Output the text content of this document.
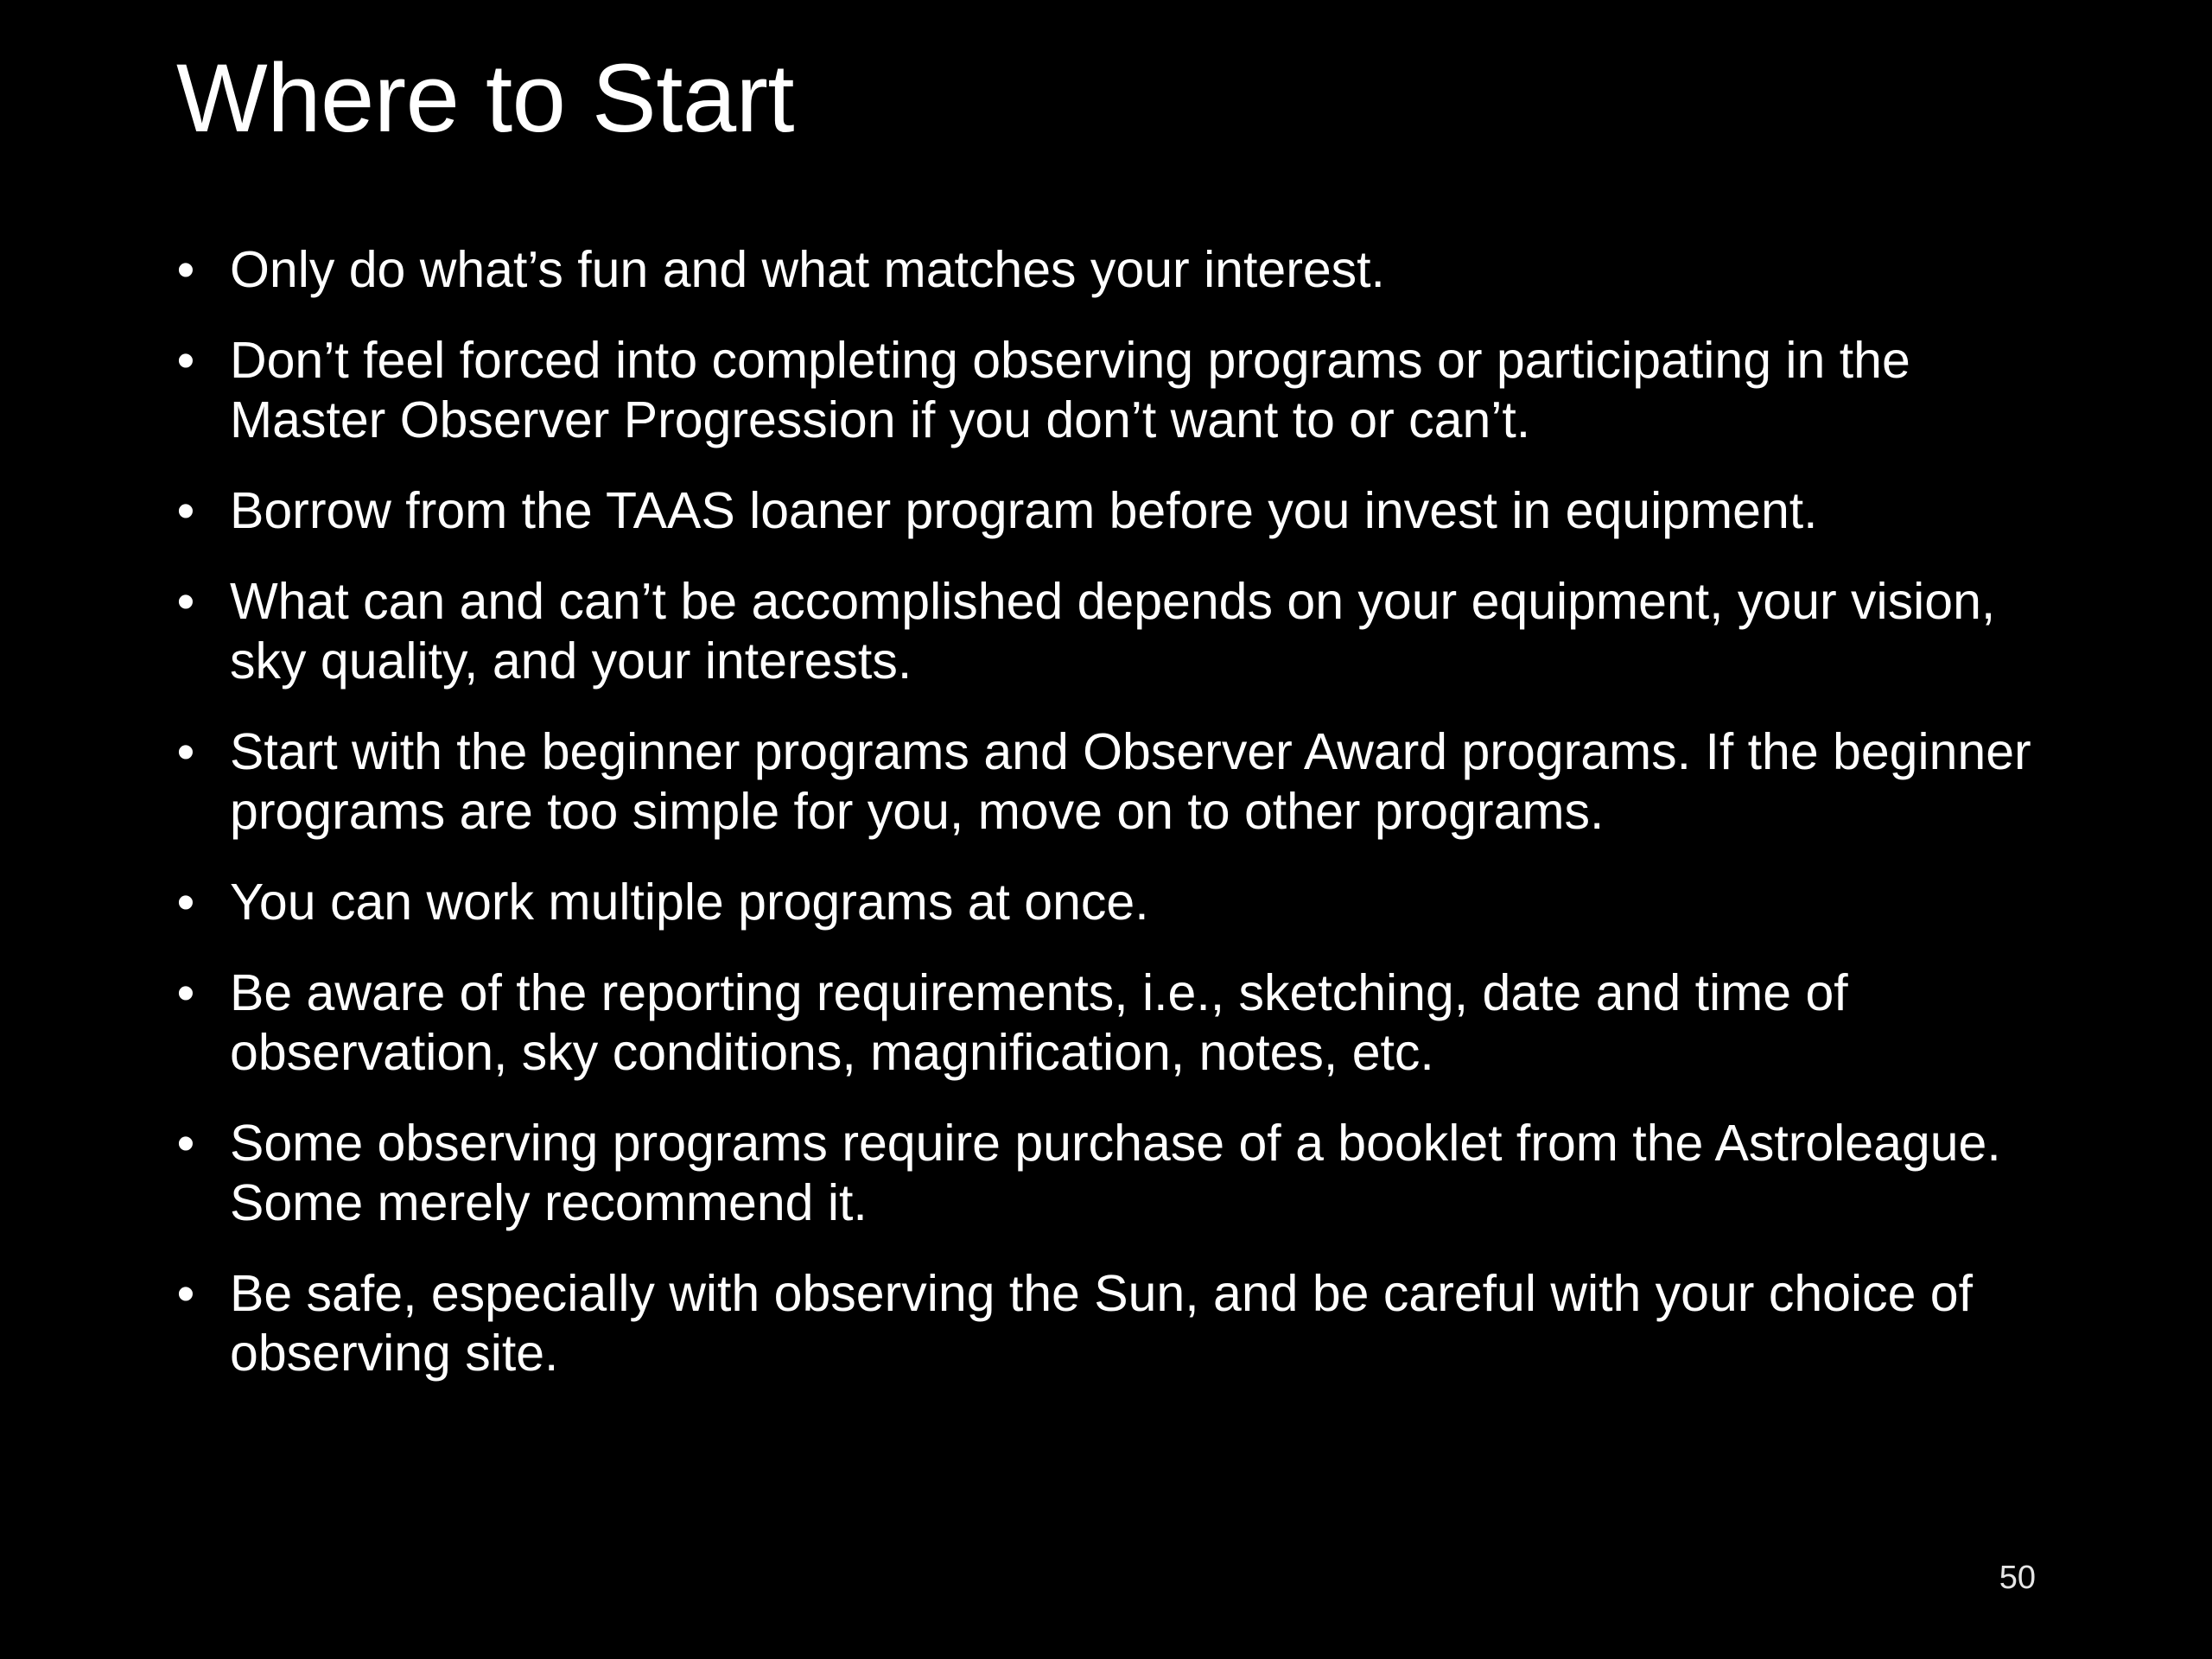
Where to Start
• Only do what’s fun and what matches your interest.
• Don’t feel forced into completing observing programs or participating in the Master Observer Progression if you don’t want to or can’t.
• Borrow from the TAAS loaner program before you invest in equipment.
• What can and can’t be accomplished depends on your equipment, your vision, sky quality, and your interests.
• Start with the beginner programs and Observer Award programs. If the beginner programs are too simple for you, move on to other programs.
• You can work multiple programs at once.
• Be aware of the reporting requirements, i.e., sketching, date and time of observation, sky conditions, magnification, notes, etc.
• Some observing programs require purchase of a booklet from the Astroleague. Some merely recommend it.
• Be safe, especially with observing the Sun, and be careful with your choice of observing site.
50
